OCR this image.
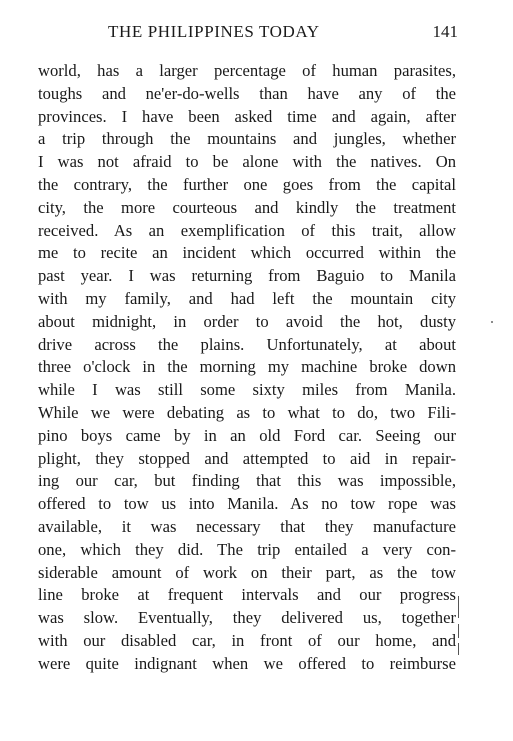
THE PHILIPPINES TODAY	141
world, has a larger percentage of human parasites,
toughs and ne'er-do-wells than have any of the
provinces. I have been asked time and again, after
a trip through the mountains and jungles, whether
I was not afraid to be alone with the natives. On
the contrary, the further one goes from the capital
city, the more courteous and kindly the treatment
received. As an exemplification of this trait, allow
me to recite an incident which occurred within the
past year. I was returning from Baguio to Manila
with my family, and had left the mountain city
about midnight, in order to avoid the hot, dusty
drive across the plains. Unfortunately, at about
three o'clock in the morning my machine broke down
while I was still some sixty miles from Manila.
While we were debating as to what to do, two Fili-
pino boys came by in an old Ford car. Seeing our
plight, they stopped and attempted to aid in repair-
ing our car, but finding that this was impossible,
offered to tow us into Manila. As no tow rope was
available, it was necessary that they manufacture
one, which they did. The trip entailed a very con-
siderable amount of work on their part, as the tow
line broke at frequent intervals and our progress
was slow. Eventually, they delivered us, together
with our disabled car, in front of our home, and
were quite indignant when we offered to reimburse
